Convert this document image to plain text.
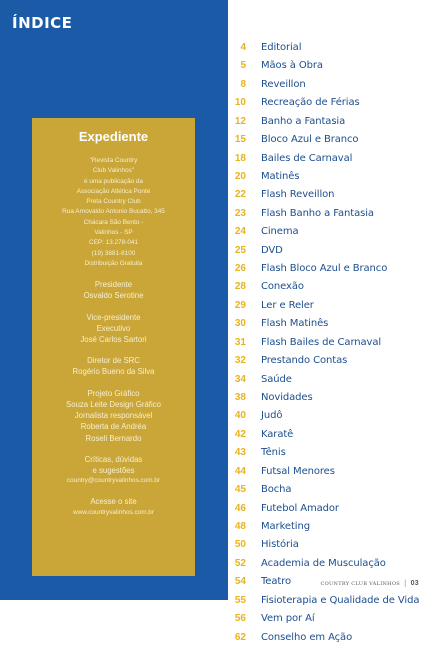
ÍNDICE
Expediente
"Revista Country
Club Valinhos"
é uma publicação da
Associação Atlética Ponte
Preta Country Club
Rua Arnovaldo Antonio Bucatto, 345
Chácara São Bento -
Valinhos - SP
CEP: 13.278-041
(19) 3881-8100
Distribuição Gratuita
Presidente
Osvaldo Serotine
Vice-presidente
Executivo
José Carlos Sartori
Diretor de SRC
Rogério Bueno da Silva
Projeto Gráfico
Souza Leite Design Gráfico
Jornalista responsável
Roberta de Andréa
Roseli Bernardo
Críticas, dúvidas
e sugestões
country@countryvalinhos.com.br
Acesse o site
www.countryvalinhos.com.br
4 Editorial
5 Mãos à Obra
8 Reveillon
10 Recreação de Férias
12 Banho a Fantasia
15 Bloco Azul e Branco
18 Bailes de Carnaval
20 Matinês
22 Flash Reveillon
23 Flash Banho a Fantasia
24 Cinema
25 DVD
26 Flash Bloco Azul e Branco
28 Conexão
29 Ler e Reler
30 Flash Matinês
31 Flash Bailes de Carnaval
32 Prestando Contas
34 Saúde
38 Novidades
40 Judô
42 Karatê
43 Tênis
44 Futsal Menores
45 Bocha
46 Futebol Amador
48 Marketing
50 História
52 Academia de Musculação
54 Teatro
55 Fisioterapia e Qualidade de Vida
56 Vem por Aí
62 Conselho em Ação
COUNTRY CLUB VALINHOS | 03
